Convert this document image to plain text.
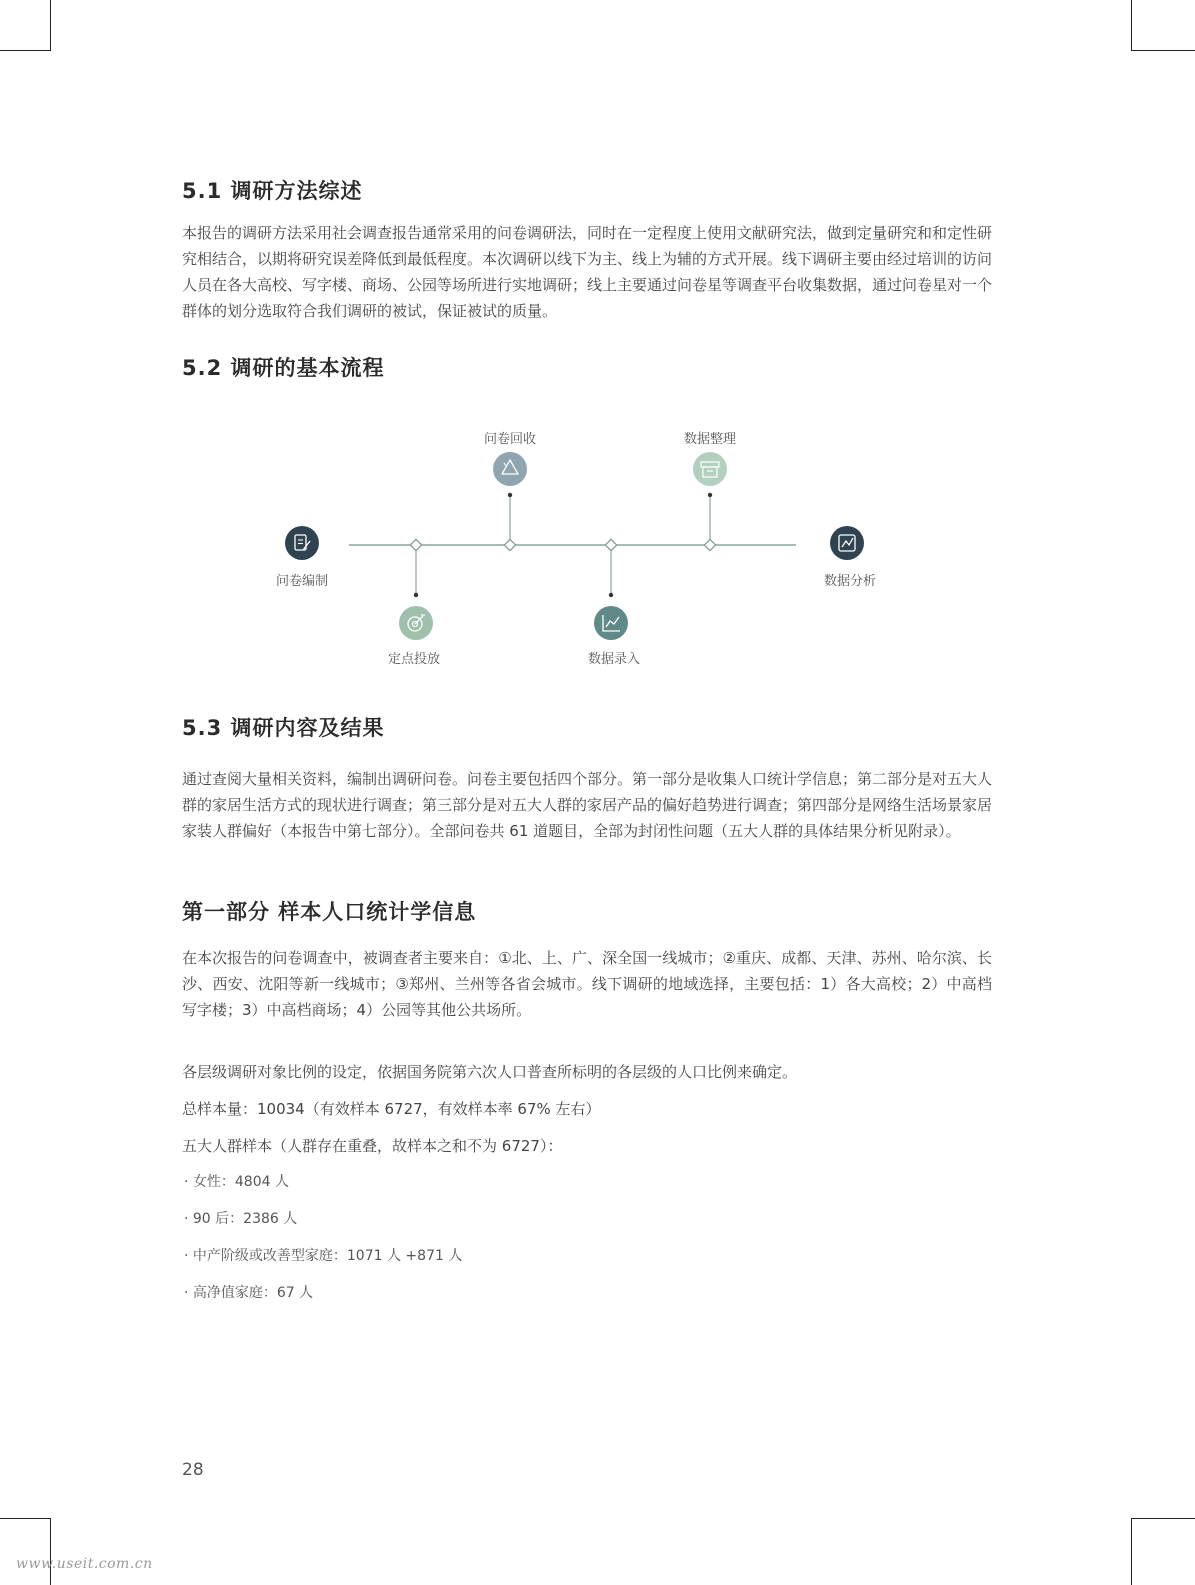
5.1 调研方法综述

本报告的调研方法采用社会调查报告通常采用的问卷调研法，同时在一定程度上使用文献研究法，做到定量研究和和定性研究相结合，以期将研究误差降低到最低程度。本次调研以线下为主、线上为辅的方式开展。线下调研主要由经过培训的访问人员在各大高校、写字楼、商场、公园等场所进行实地调研；线上主要通过问卷星等调查平台收集数据，通过问卷星对一个群体的划分选取符合我们调研的被试，保证被试的质量。

5.2 调研的基本流程
问卷编制
定点投放
问卷回收
数据录入
数据整理
数据分析
5.3 调研内容及结果

通过查阅大量相关资料，编制出调研问卷。问卷主要包括四个部分。第一部分是收集人口统计学信息；第二部分是对五大人群的家居生活方式的现状进行调查；第三部分是对五大人群的家居产品的偏好趋势进行调查；第四部分是网络生活场景家居家装人群偏好（本报告中第七部分）。全部问卷共 61 道题目，全部为封闭性问题（五大人群的具体结果分析见附录）。

第一部分 样本人口统计学信息

在本次报告的问卷调查中，被调查者主要来自：①北、上、广、深全国一线城市；②重庆、成都、天津、苏州、哈尔滨、长沙、西安、沈阳等新一线城市；③郑州、兰州等各省会城市。线下调研的地域选择，主要包括：1）各大高校；2）中高档写字楼；3）中高档商场；4）公园等其他公共场所。

各层级调研对象比例的设定，依据国务院第六次人口普查所标明的各层级的人口比例来确定。
总样本量：10034（有效样本 6727，有效样本率 67% 左右）
五大人群样本（人群存在重叠，故样本之和不为 6727）：
· 女性：4804 人
· 90 后：2386 人
· 中产阶级或改善型家庭：1071 人 +871 人
· 高净值家庭：67 人
28
www.useit.com.cn
